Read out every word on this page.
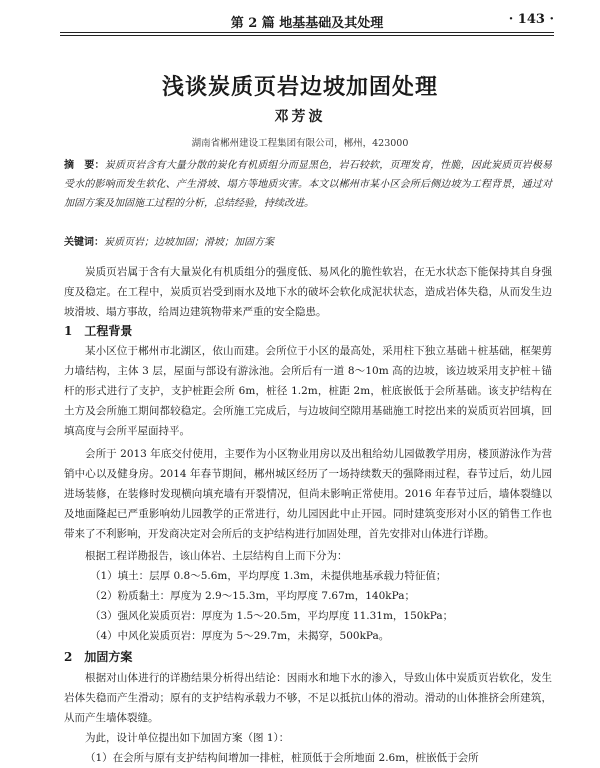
第 2 篇 地基基础及其处理	· 143 ·
浅谈炭质页岩边坡加固处理
邓芳波
湖南省郴州建设工程集团有限公司，郴州，423000
摘　要：炭质页岩含有大量分散的炭化有机质组分而显黑色，岩石较软，页理发育，性脆，因此炭质页岩极易受水的影响而发生软化、产生滑坡、塌方等地质灾害。本文以郴州市某小区会所后侧边坡为工程背景，通过对加固方案及加固施工过程的分析，总结经验，持续改进。
关键词：炭质页岩；边坡加固；滑坡；加固方案
炭质页岩属于含有大量炭化有机质组分的强度低、易风化的脆性软岩，在无水状态下能保持其自身强度及稳定。在工程中，炭质页岩受到雨水及地下水的破坏会软化成泥状状态，造成岩体失稳，从而发生边坡滑坡、塌方事故，给周边建筑物带来严重的安全隐患。
1　工程背景
某小区位于郴州市北湖区，依山而建。会所位于小区的最高处，采用柱下独立基础＋桩基础，框架剪力墙结构，主体 3 层，屋面与部设有游泳池。会所后有一道 8～10m 高的边坡，该边坡采用支护桩＋锚杆的形式进行了支护，支护桩距会所 6m，桩径 1.2m，桩距 2m，桩底嵌低于会所基础。该支护结构在土方及会所施工期间都较稳定。会所施工完成后，与边坡间空隙用基础施工时挖出来的炭质页岩回填，回填高度与会所平屋面持平。
会所于 2013 年底交付使用，主要作为小区物业用房以及出租给幼儿园做教学用房，楼顶游泳作为营销中心以及健身房。2014 年春节期间，郴州城区经历了一场持续数天的强降雨过程，春节过后，幼儿园进场装修，在装修时发现横向填充墙有开裂情况，但尚未影响正常使用。2016 年春节过后，墙体裂缝以及地面隆起已严重影响幼儿园教学的正常进行，幼儿园因此中止开园。同时建筑变形对小区的销售工作也带来了不利影响，开发商决定对会所后的支护结构进行加固处理，首先安排对山体进行详勘。
根据工程详勘报告，该山体岩、土层结构自上而下分为：
（1）填土：层厚 0.8～5.6m，平均厚度 1.3m，未提供地基承载力特征值；
（2）粉质黏土：厚度为 2.9～15.3m，平均厚度 7.67m，140kPa；
（3）强风化炭质页岩：厚度为 1.5～20.5m，平均厚度 11.31m，150kPa；
（4）中风化炭质页岩：厚度为 5～29.7m，未揭穿，500kPa。
2　加固方案
根据对山体进行的详勘结果分析得出结论：因雨水和地下水的渗入，导致山体中炭质页岩软化，发生岩体失稳而产生滑动；原有的支护结构承载力不够，不足以抵抗山体的滑动。滑动的山体推挤会所建筑，从而产生墙体裂缝。
为此，设计单位提出如下加固方案（图 1）：
（1）在会所与原有支护结构间增加一排桩，桩顶低于会所地面 2.6m，桩嵌低于会所
